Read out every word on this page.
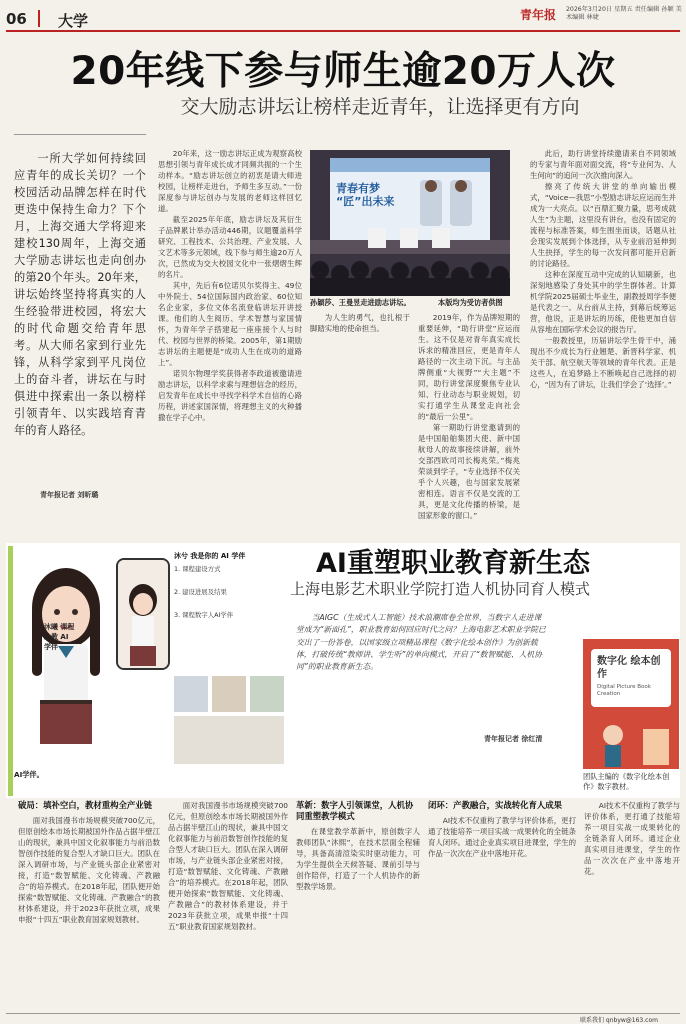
06 大学	青年报 2026年3月20日 星期五 责任编辑 孙颖 美术编辑 林婕
20年线下参与师生逾20万人次
交大励志讲坛让榜样走近青年，让选择更有方向
一所大学如何持续回应青年的成长关切？一个校园活动品牌怎样在时代更迭中保持生命力？下个月，上海交通大学将迎来建校130周年，上海交通大学励志讲坛也走向创办的第20个年头。20年来，讲坛始终坚持将真实的人生经验带进校园，将宏大的时代命题交给青年思考。从大师名家到行业先锋，从科学家到平凡岗位上的奋斗者，讲坛在与时俱进中探索出一条以榜样引领青年、以实践培育青年的育人路径。
青年报记者 刘昕璐

20年来，这一励志讲坛正成为观察高校思想引领与青年成长成才同频共振的一个生动样本。“励志讲坛创立的初衷是请大师进校园，让榜样走进台，予师生多互动。”一份深度参与讲坛创办与发展的老师这样回忆道。

截至2025年年底，励志讲坛及其衍生子品牌累计举办活动446期，议题覆盖科学研究、工程技术、公共治理、产业发展、人文艺术等多元领域，线下参与师生逾20万人次，已然成为交大校园文化中一张熠熠生辉的名片。

其中，先后有6位诺贝尔奖得主、49位中外院士、54位国际国内政治家、60位知名企业家，多位文体名流登临讲坛开讲授课。他们的人生阅历、学术智慧与家国情怀，为青年学子搭建起一座座接个人与时代、校园与世界的桥梁。2005年，第1期励志讲坛的主题便是“成功人生在成功的道路上”。

诺贝尔物理学奖获得者李政道被邀请进励志讲坛，以科学求索与理想信念的经历，启发青年在成长中寻找学科学术自信的心路历程，讲述家国深情，将理想主义的火种播撒在学子心中。

青春有梦 “匠”出未来
孙颖莎、王曼昱走进励志讲坛。	本版均为受访者供图

为人生的勇气，也扎根于脚踏实地的使命担当。

2019年，作为品牌短期的重要延伸，“助行讲堂”应运而生。这不仅是对青年真实成长诉求的精准回应，更是青年人路径的一次主动下沉。与主品牌侧重“大视野”“大主题”不同，助行讲堂深度聚焦专业认知、行业动态与职业规划，切实打通学生从课堂走向社会的“最后一公里”。

第一期助行讲堂邀请到的是中国船舶集团大使、新中国航母人的故事接续讲解，前外交部西欧司司长梅兆荣。”梅兆荣谈到学子，“专业选择不仅关乎个人兴趣，也与国家发展紧密相连。语言不仅是交流的工具，更是文化传播的桥梁，是国家形象的窗口。”

此后，助行讲堂持续邀请来自不同领域的专家与青年面对面交流，将“专业何为、人生何向”的追问一次次推向深入。

擦亮了传统大讲堂的单向输出模式，“Voice—我思”小型励志讲坛应运而生并成为一大亮点。以“百鼎汇聚力量，思考成就人生”为主题，这里没有讲台，也没有固定的流程与标准答案，师生围坐而谈，话题从社会现实发展到个体选择，从专业前沿延伸到人生抉择，学生的每一次发问都可能开启新的讨论路径。

这种在深度互动中完成的认知刷新，也深刻地感染了身处其中的学生群体者。计算机学院2025届硕士毕业生，副教授周学李便是代表之一。从台前从主持，到幕后统筹运营，他说，正是讲坛的历练，使他更加自信从容地在国际学术会议的报告厅。

一般教授里，历届讲坛学生骨干中，涌现出不少成长为行业翘楚、新晋科学家、机关干部、航空航天等领域的青年代表。正是这些人，在追梦路上不断唤起自己选择的初心，“因为有了讲坛，让我们学会了‘选择’。”

沐曦 课程助教 AI 学伴
AI学伴。
沐兮 我是你的 AI 学伴
1. 课程建设方式
2. 建设进展及结果
3. 课程数字人AI学伴
AI重塑职业教育新生态
上海电影艺术职业学院打造人机协同育人模式
当AIGC（生成式人工智能）技术浪潮席卷全世界，当数字人走进课堂成为“新面孔”，职业教育如何回应时代之问？上海电影艺术职业学院已交出了一份答卷，以国家级立项精品课程《数字化绘本创作》为创新载体，打破传统“教师讲、学生听”的单向模式，开启了“数智赋能、人机协同”的职业教育新生态。
青年报记者 徐红清
数字化 绘本创作
Digital Picture Book Creation
团队主编的《数字化绘本创作》数字教材。
破局：填补空白，教材重构全产业链

面对我国漫书市场规模突破700亿元，但原创绘本市场长期被国外作品占据半壁江山的现状，兼具中国文化叙事能力与前沿数智创作技能的复合型人才缺口巨大。团队在深入调研市场，与产业链头部企业紧密对接，打造“数智赋能、文化铸魂、产教融合”的培养模式。在2018年起，团队便开始探索“数智赋能、文化铸魂、产教融合”的教材体系建设，并于2023年获批立项，成果申报“十四五”职业教育国家规划教材。

面对我国漫书市场规模突破700亿元，但原创绘本市场长期被国外作品占据半壁江山的现状，兼具中国文化叙事能力与前沿数智创作技能的复合型人才缺口巨大。团队在深入调研市场，与产业链头部企业紧密对接，打造“数智赋能、文化铸魂、产教融合”的培养模式。在2018年起，团队便开始探索“数智赋能、文化铸魂、产教融合”的教材体系建设，并于2023年获批立项，成果申报“十四五”职业教育国家规划教材。

革新：数字人引领课堂，人机协同重塑教学模式

在课堂教学革新中，原创数字人教师团队“沐熙”，在技术层面全程辅导，具备高清渲染实时驱动能力，可为学生提供全天候答疑、课前引导与创作陪伴，打造了一个人机协作的新型教学场景。

闭环：产教融合，实战转化育人成果

AI技术不仅重构了教学与评价体系，更打通了技能培养一项目实战一成果转化的全链条育人闭环。通过企业真实项目进课堂，学生的作品一次次在产业中落地开花。

AI技术不仅重构了教学与评价体系，更打通了技能培养一项目实战一成果转化的全链条育人闭环。通过企业真实项目进课堂，学生的作品一次次在产业中落地开花。

联系我们 qnbyw@163.com
